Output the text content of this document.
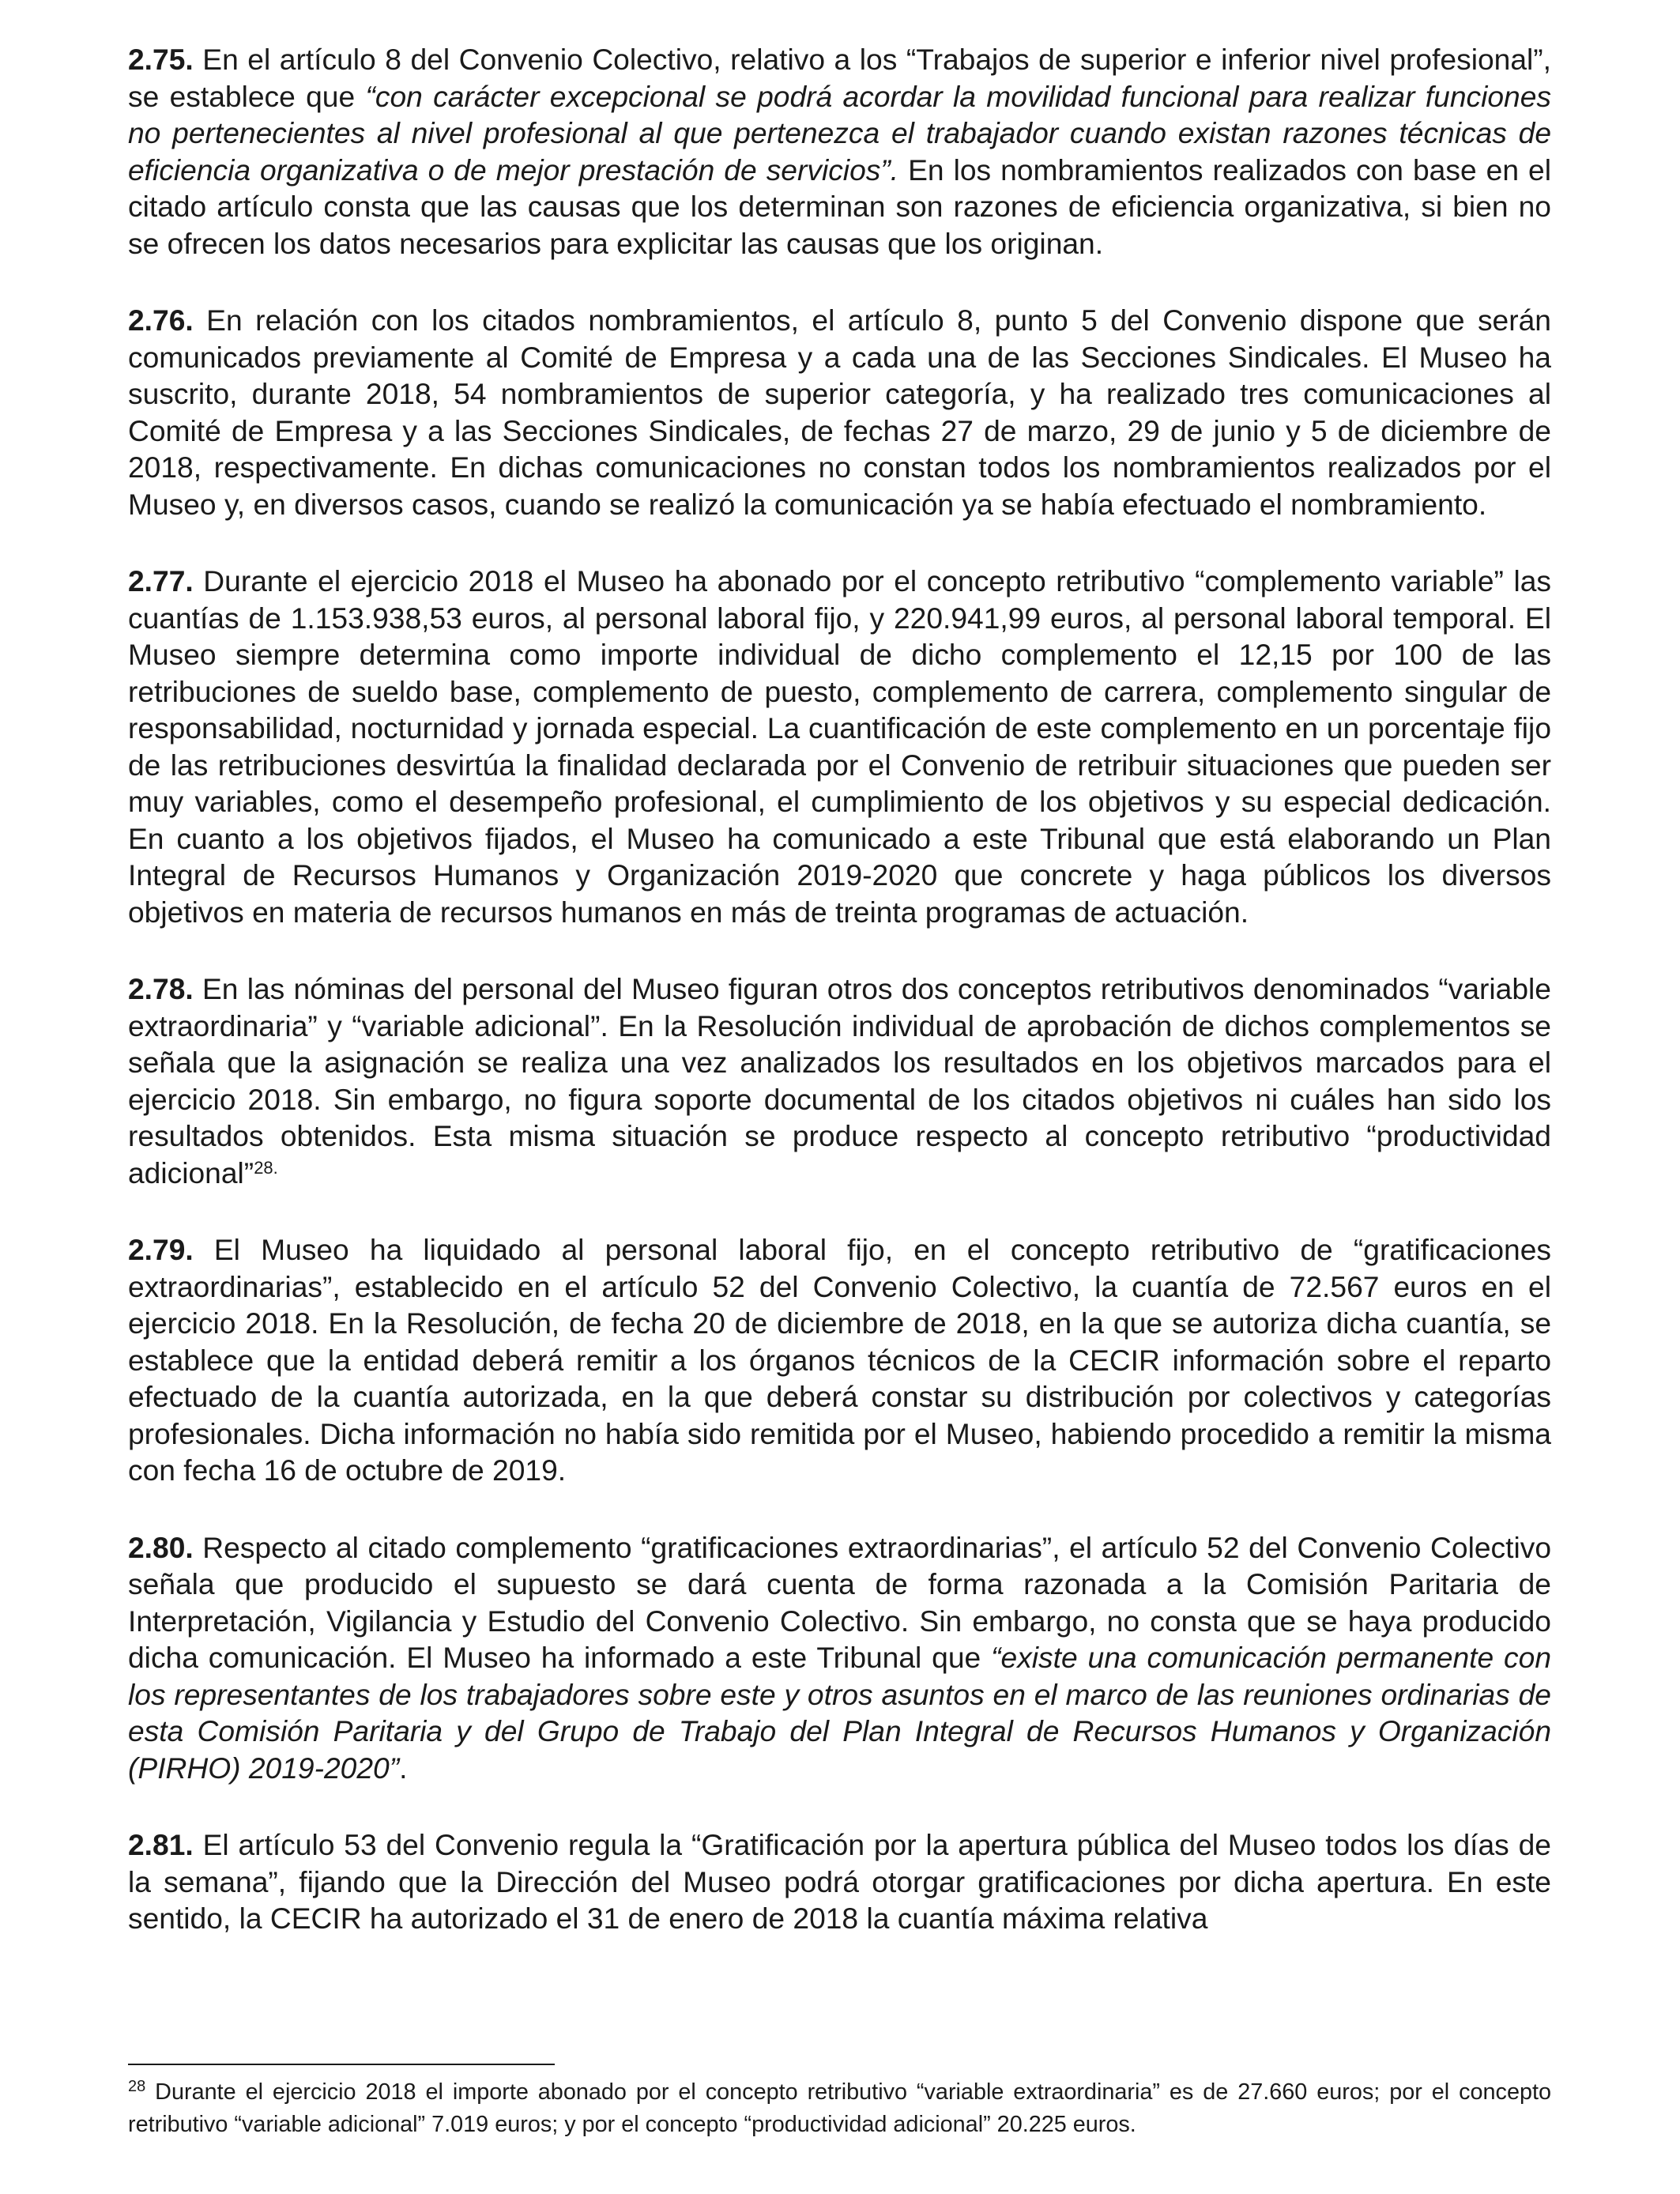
2.75. En el artículo 8 del Convenio Colectivo, relativo a los “Trabajos de superior e inferior nivel profesional”, se establece que “con carácter excepcional se podrá acordar la movilidad funcional para realizar funciones no pertenecientes al nivel profesional al que pertenezca el trabajador cuando existan razones técnicas de eficiencia organizativa o de mejor prestación de servicios”. En los nombramientos realizados con base en el citado artículo consta que las causas que los determinan son razones de eficiencia organizativa, si bien no se ofrecen los datos necesarios para explicitar las causas que los originan.

2.76. En relación con los citados nombramientos, el artículo 8, punto 5 del Convenio dispone que serán comunicados previamente al Comité de Empresa y a cada una de las Secciones Sindicales. El Museo ha suscrito, durante 2018, 54 nombramientos de superior categoría, y ha realizado tres comunicaciones al Comité de Empresa y a las Secciones Sindicales, de fechas 27 de marzo, 29 de junio y 5 de diciembre de 2018, respectivamente. En dichas comunicaciones no constan todos los nombramientos realizados por el Museo y, en diversos casos, cuando se realizó la comunicación ya se había efectuado el nombramiento.

2.77. Durante el ejercicio 2018 el Museo ha abonado por el concepto retributivo “complemento variable” las cuantías de 1.153.938,53 euros, al personal laboral fijo, y 220.941,99 euros, al personal laboral temporal. El Museo siempre determina como importe individual de dicho complemento el 12,15 por 100 de las retribuciones de sueldo base, complemento de puesto, complemento de carrera, complemento singular de responsabilidad, nocturnidad y jornada especial. La cuantificación de este complemento en un porcentaje fijo de las retribuciones desvirtúa la finalidad declarada por el Convenio de retribuir situaciones que pueden ser muy variables, como el desempeño profesional, el cumplimiento de los objetivos y su especial dedicación. En cuanto a los objetivos fijados, el Museo ha comunicado a este Tribunal que está elaborando un Plan Integral de Recursos Humanos y Organización 2019-2020 que concrete y haga públicos los diversos objetivos en materia de recursos humanos en más de treinta programas de actuación.

2.78. En las nóminas del personal del Museo figuran otros dos conceptos retributivos denominados “variable extraordinaria” y “variable adicional”. En la Resolución individual de aprobación de dichos complementos se señala que la asignación se realiza una vez analizados los resultados en los objetivos marcados para el ejercicio 2018. Sin embargo, no figura soporte documental de los citados objetivos ni cuáles han sido los resultados obtenidos. Esta misma situación se produce respecto al concepto retributivo “productividad adicional”$^{28.}$

2.79. El Museo ha liquidado al personal laboral fijo, en el concepto retributivo de “gratificaciones extraordinarias”, establecido en el artículo 52 del Convenio Colectivo, la cuantía de 72.567 euros en el ejercicio 2018. En la Resolución, de fecha 20 de diciembre de 2018, en la que se autoriza dicha cuantía, se establece que la entidad deberá remitir a los órganos técnicos de la CECIR información sobre el reparto efectuado de la cuantía autorizada, en la que deberá constar su distribución por colectivos y categorías profesionales. Dicha información no había sido remitida por el Museo, habiendo procedido a remitir la misma con fecha 16 de octubre de 2019.

2.80. Respecto al citado complemento “gratificaciones extraordinarias”, el artículo 52 del Convenio Colectivo señala que producido el supuesto se dará cuenta de forma razonada a la Comisión Paritaria de Interpretación, Vigilancia y Estudio del Convenio Colectivo. Sin embargo, no consta que se haya producido dicha comunicación. El Museo ha informado a este Tribunal que “existe una comunicación permanente con los representantes de los trabajadores sobre este y otros asuntos en el marco de las reuniones ordinarias de esta Comisión Paritaria y del Grupo de Trabajo del Plan Integral de Recursos Humanos y Organización (PIRHO) 2019-2020”.

2.81. El artículo 53 del Convenio regula la “Gratificación por la apertura pública del Museo todos los días de la semana”, fijando que la Dirección del Museo podrá otorgar gratificaciones por dicha apertura. En este sentido, la CECIR ha autorizado el 31 de enero de 2018 la cuantía máxima relativa

$^{28}$ Durante el ejercicio 2018 el importe abonado por el concepto retributivo “variable extraordinaria” es de 27.660 euros; por el concepto retributivo “variable adicional” 7.019 euros; y por el concepto “productividad adicional” 20.225 euros.
